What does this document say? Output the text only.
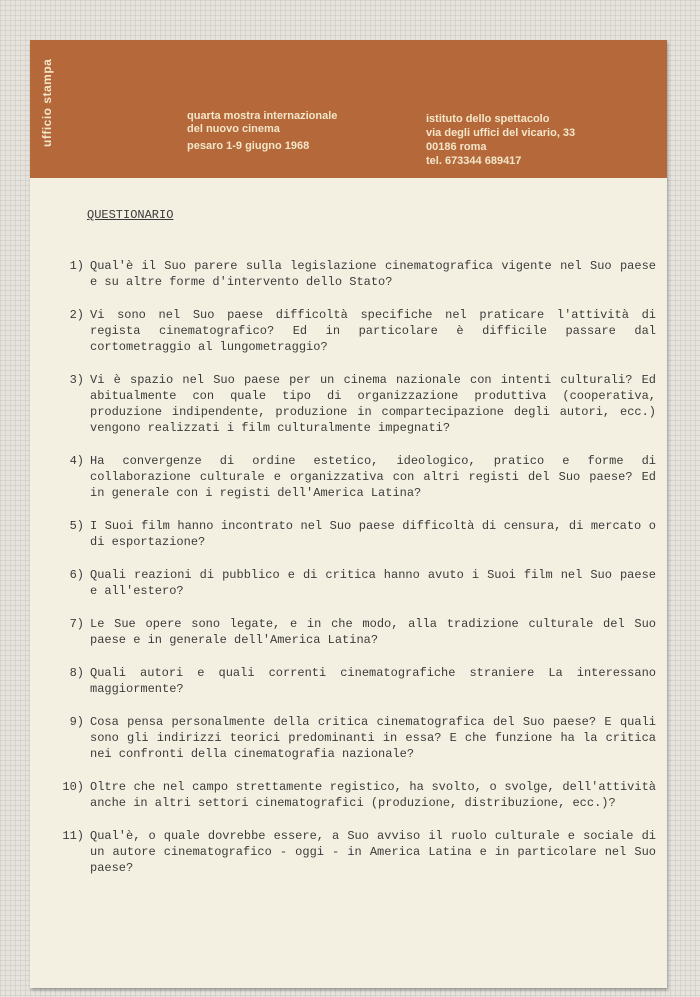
ufficio stampa	quarta mostra internazionale
del nuovo cinema
pesaro 1-9 giugno 1968
istituto dello spettacolo
via degli uffici del vicario, 33
00186 roma
tel. 673344 689417
QUESTIONARIO
1) Qual'è il Suo parere sulla legislazione cinematografica vigente nel Suo paese e su altre forme d'intervento dello Stato?
2) Vi sono nel Suo paese difficoltà specifiche nel praticare l'attività di regista cinematografico? Ed in particolare è difficile passare dal cortometraggio al lungometraggio?
3) Vi è spazio nel Suo paese per un cinema nazionale con intenti culturali? Ed abitualmente con quale tipo di organizzazione produttiva (cooperativa, produzione indipendente, produzione in compartecipazione degli autori, ecc.) vengono realizzati i film culturalmente impegnati?
4) Ha convergenze di ordine estetico, ideologico, pratico e forme di collaborazione culturale e organizzativa con altri registi del Suo paese? Ed in generale con i registi dell'America Latina?
5) I Suoi film hanno incontrato nel Suo paese difficoltà di censura, di mercato o di esportazione?
6) Quali reazioni di pubblico e di critica hanno avuto i Suoi film nel Suo paese e all'estero?
7) Le Sue opere sono legate, e in che modo, alla tradizione culturale del Suo paese e in generale dell'America Latina?
8) Quali autori e quali correnti cinematografiche straniere La interessano maggiormente?
9) Cosa pensa personalmente della critica cinematografica del Suo paese? E quali sono gli indirizzi teorici predominanti in essa? E che funzione ha la critica nei confronti della cinematografia nazionale?
10) Oltre che nel campo strettamente registico, ha svolto, o svolge, dell'attività anche in altri settori cinematografici (produzione, distribuzione, ecc.)?
11) Qual'è, o quale dovrebbe essere, a Suo avviso il ruolo culturale e sociale di un autore cinematografico - oggi - in America Latina e in particolare nel Suo paese?
